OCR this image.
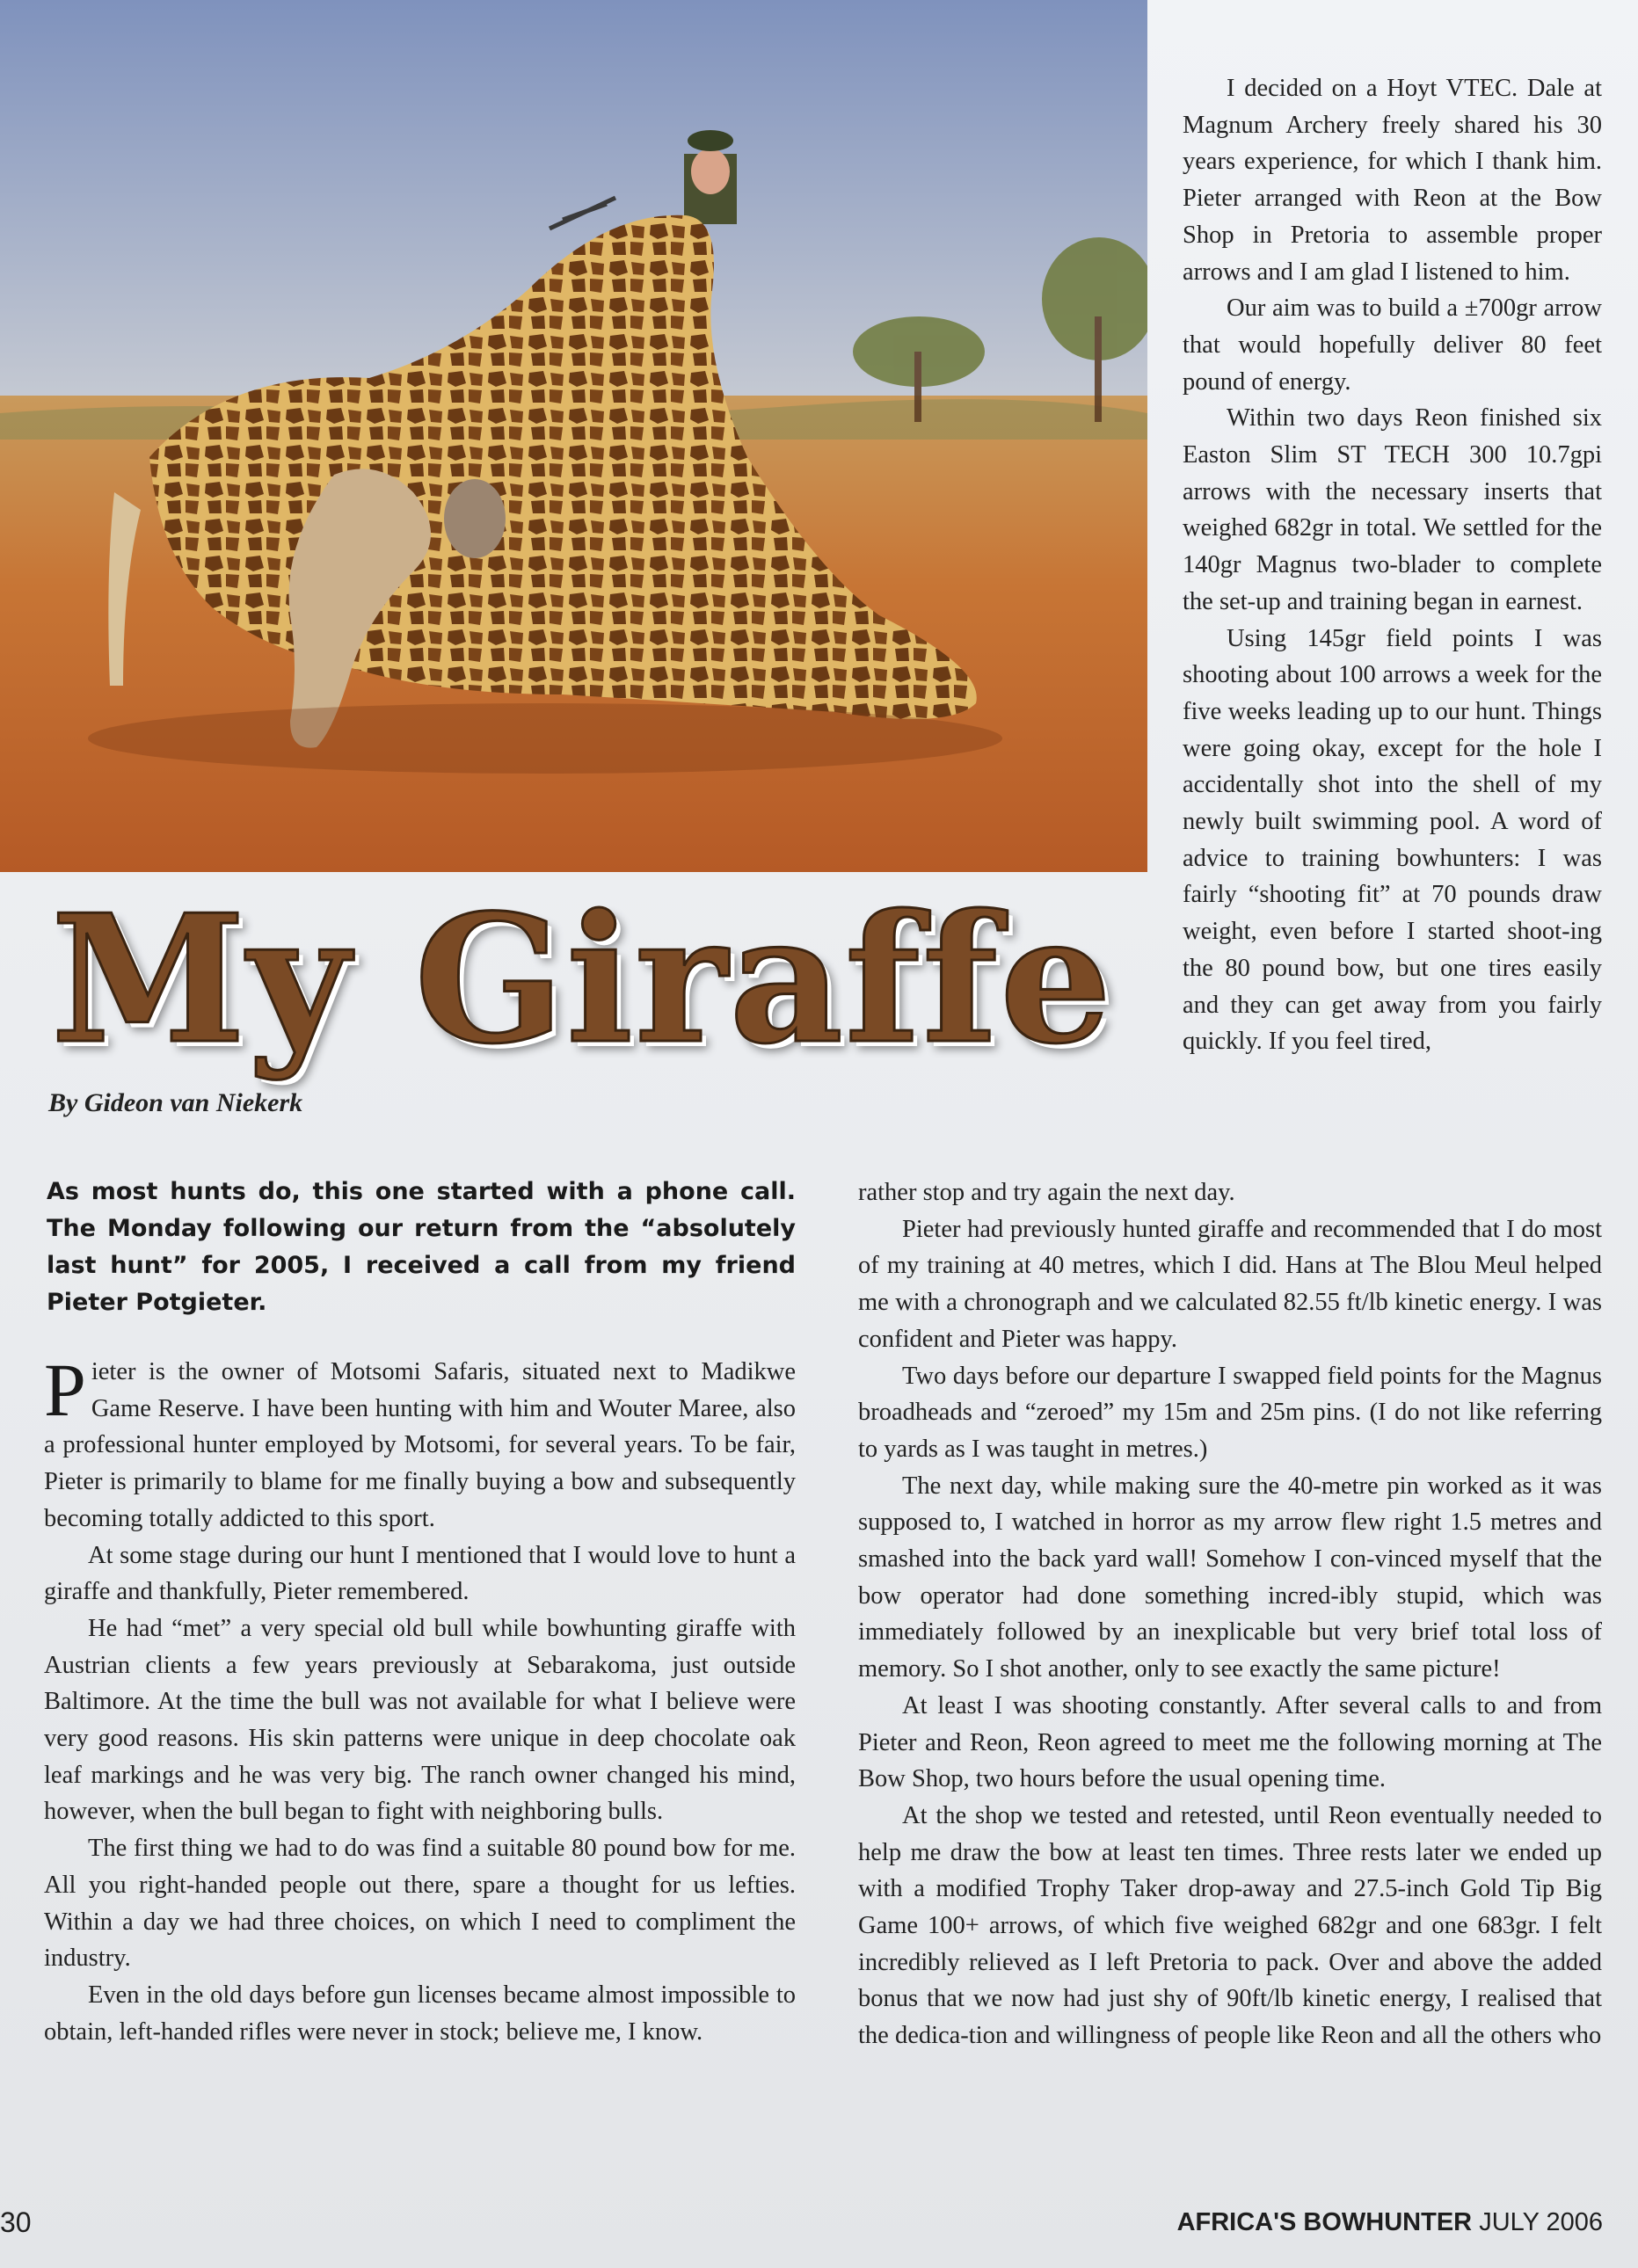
My Giraffe
By Gideon van Niekerk
As most hunts do, this one started with a phone call. The Monday following our return from the “absolutely last hunt” for 2005, I received a call from my friend Pieter Potgieter.

Pieter is the owner of Motsomi Safaris, situated next to Madikwe Game Reserve. I have been hunting with him and Wouter Maree, also a professional hunter employed by Motsomi, for several years. To be fair, Pieter is primarily to blame for me finally buying a bow and subsequently becoming totally addicted to this sport.

At some stage during our hunt I mentioned that I would love to hunt a giraffe and thankfully, Pieter remembered.

He had “met” a very special old bull while bowhunting giraffe with Austrian clients a few years previously at Sebarakoma, just outside Baltimore. At the time the bull was not available for what I believe were very good reasons. His skin patterns were unique in deep chocolate oak leaf markings and he was very big. The ranch owner changed his mind, however, when the bull began to fight with neighboring bulls.

The first thing we had to do was find a suitable 80 pound bow for me. All you right-handed people out there, spare a thought for us lefties. Within a day we had three choices, on which I need to compliment the industry.

Even in the old days before gun licenses became almost impossible to obtain, left-handed rifles were never in stock; believe me, I know.

I decided on a Hoyt VTEC. Dale at Magnum Archery freely shared his 30 years experience, for which I thank him. Pieter arranged with Reon at the Bow Shop in Pretoria to assemble proper arrows and I am glad I listened to him.

Our aim was to build a ±700gr arrow that would hopefully deliver 80 feet pound of energy.

Within two days Reon finished six Easton Slim ST TECH 300 10.7gpi arrows with the necessary inserts that weighed 682gr in total. We settled for the 140gr Magnus two-blader to complete the set-up and training began in earnest.

Using 145gr field points I was shooting about 100 arrows a week for the five weeks leading up to our hunt. Things were going okay, except for the hole I accidentally shot into the shell of my newly built swimming pool. A word of advice to training bowhunters: I was fairly “shooting fit” at 70 pounds draw weight, even before I started shoot-ing the 80 pound bow, but one tires easily and they can get away from you fairly quickly. If you feel tired,

rather stop and try again the next day.

Pieter had previously hunted giraffe and recommended that I do most of my training at 40 metres, which I did. Hans at The Blou Meul helped me with a chronograph and we calculated 82.55 ft/lb kinetic energy. I was confident and Pieter was happy.

Two days before our departure I swapped field points for the Magnus broadheads and “zeroed” my 15m and 25m pins. (I do not like referring to yards as I was taught in metres.)

The next day, while making sure the 40-metre pin worked as it was supposed to, I watched in horror as my arrow flew right 1.5 metres and smashed into the back yard wall! Somehow I con-vinced myself that the bow operator had done something incred-ibly stupid, which was immediately followed by an inexplicable but very brief total loss of memory. So I shot another, only to see exactly the same picture!

At least I was shooting constantly. After several calls to and from Pieter and Reon, Reon agreed to meet me the following morning at The Bow Shop, two hours before the usual opening time.

At the shop we tested and retested, until Reon eventually needed to help me draw the bow at least ten times. Three rests later we ended up with a modified Trophy Taker drop-away and 27.5-inch Gold Tip Big Game 100+ arrows, of which five weighed 682gr and one 683gr. I felt incredibly relieved as I left Pretoria to pack. Over and above the added bonus that we now had just shy of 90ft/lb kinetic energy, I realised that the dedica-tion and willingness of people like Reon and all the others who

30	AFRICA'S BOWHUNTER JULY 2006
